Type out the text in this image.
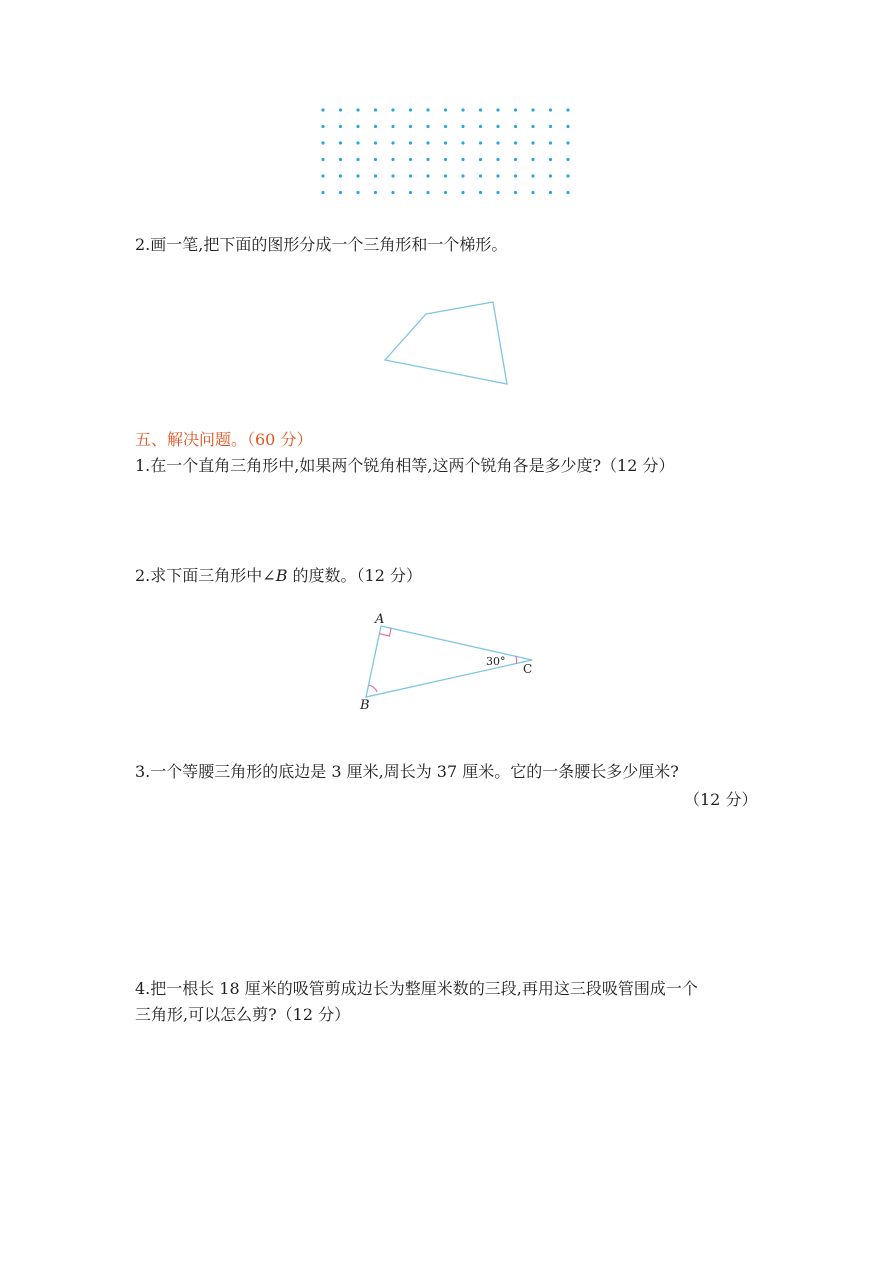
2.画一笔,把下面的图形分成一个三角形和一个梯形。
五、解决问题。（60 分）
1.在一个直角三角形中,如果两个锐角相等,这两个锐角各是多少度?（12 分）
2.求下面三角形中∠B 的度数。（12 分）
A
B
C
30°
3.一个等腰三角形的底边是 3 厘米,周长为 37 厘米。它的一条腰长多少厘米?
（12 分）
4.把一根长 18 厘米的吸管剪成边长为整厘米数的三段,再用这三段吸管围成一个
三角形,可以怎么剪?（12 分）
